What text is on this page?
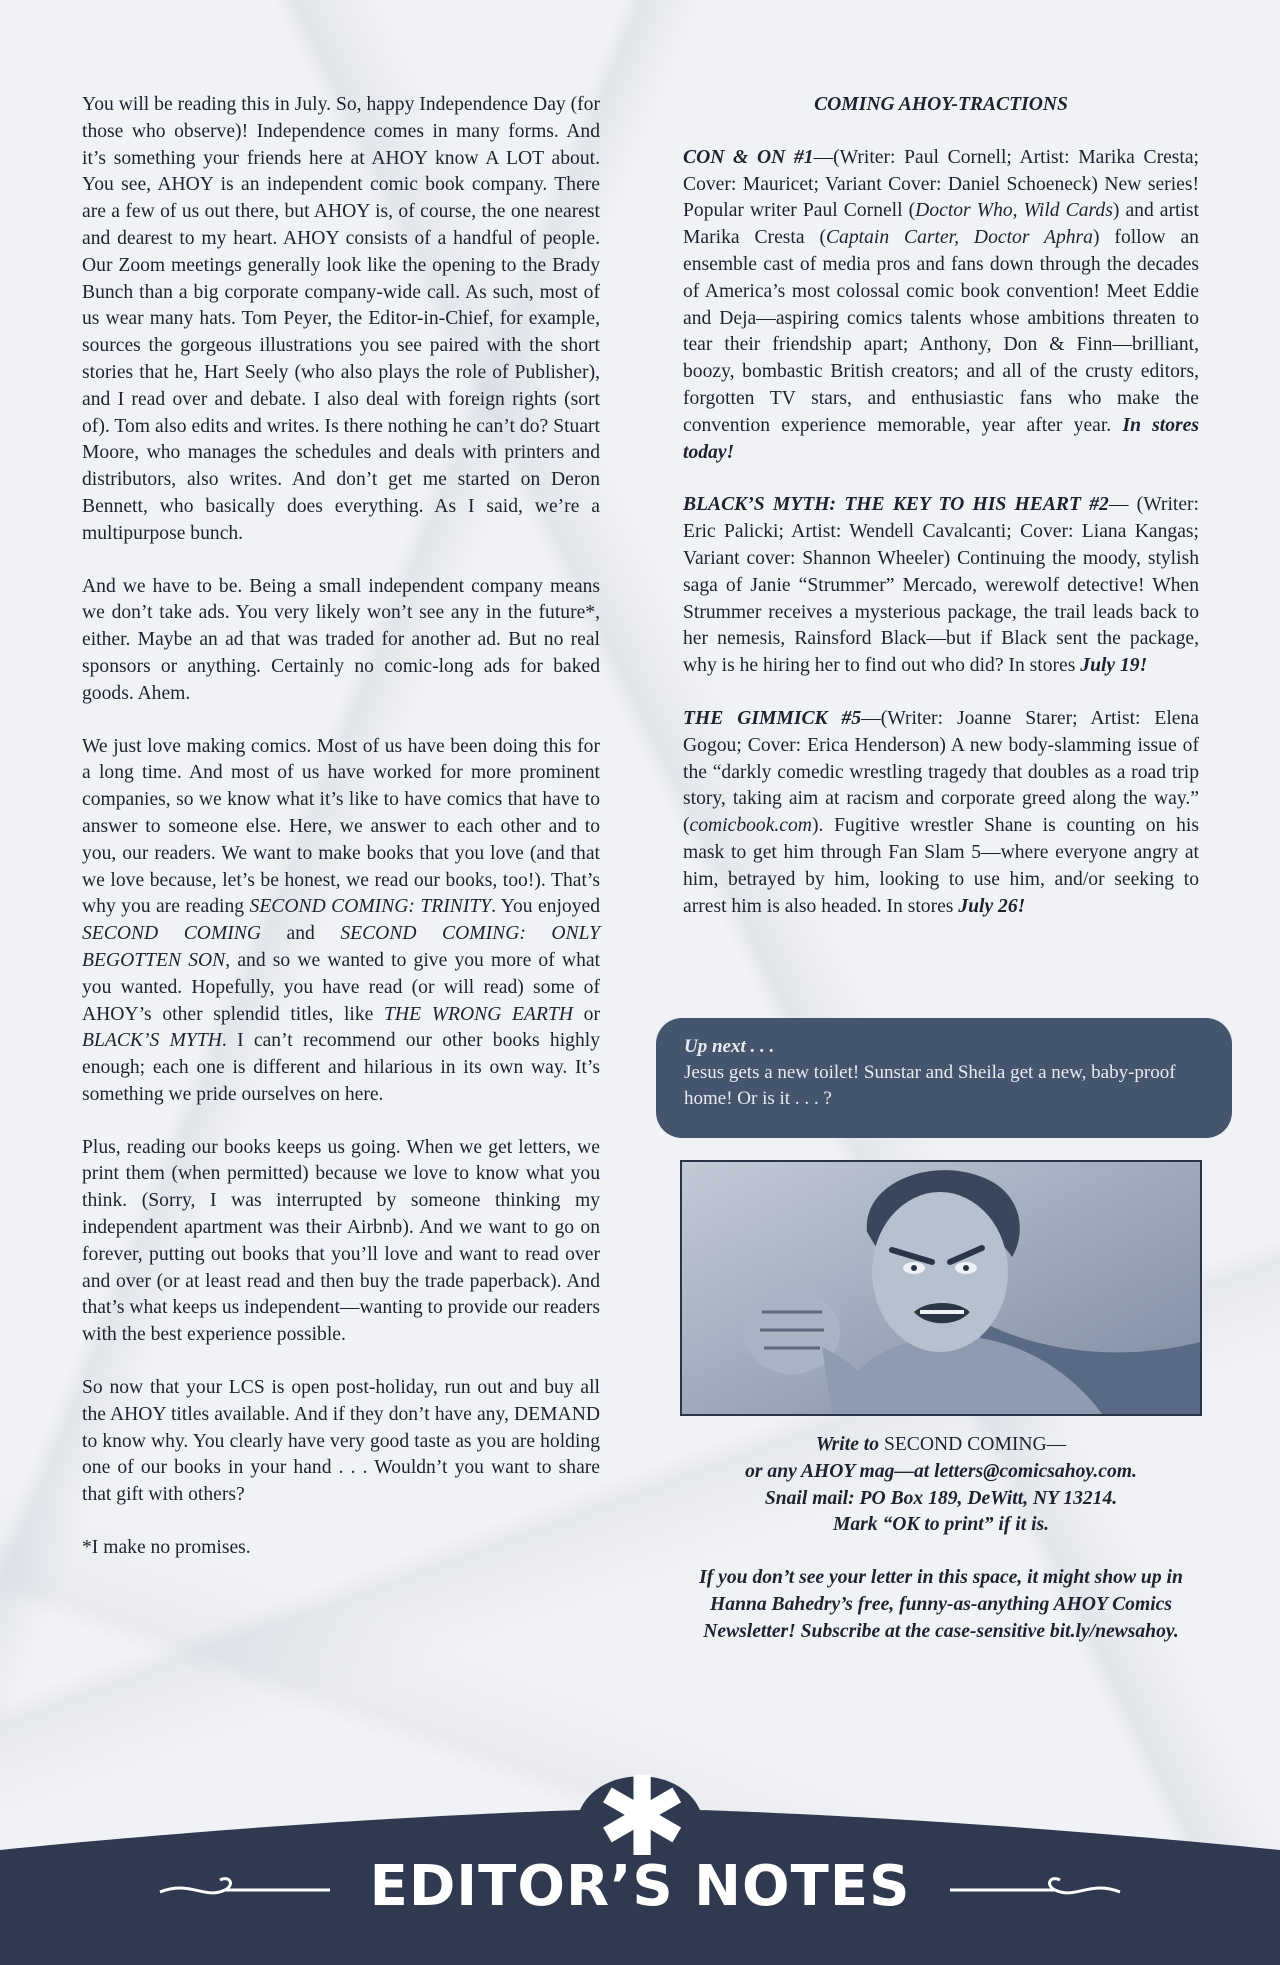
You will be reading this in July. So, happy Independence Day (for those who observe)! Independence comes in many forms. And it’s something your friends here at AHOY know A LOT about. You see, AHOY is an independent comic book company. There are a few of us out there, but AHOY is, of course, the one nearest and dearest to my heart. AHOY consists of a handful of people. Our Zoom meetings generally look like the opening to the Brady Bunch than a big corporate company-wide call. As such, most of us wear many hats. Tom Peyer, the Editor-in-Chief, for example, sources the gorgeous illustrations you see paired with the short stories that he, Hart Seely (who also plays the role of Publisher), and I read over and debate. I also deal with foreign rights (sort of). Tom also edits and writes. Is there nothing he can’t do? Stuart Moore, who manages the schedules and deals with printers and distributors, also writes. And don’t get me started on Deron Bennett, who basically does everything. As I said, we’re a multipurpose bunch.

And we have to be. Being a small independent company means we don’t take ads. You very likely won’t see any in the future*, either. Maybe an ad that was traded for another ad. But no real sponsors or anything. Certainly no comic-long ads for baked goods. Ahem.

We just love making comics. Most of us have been doing this for a long time. And most of us have worked for more prominent companies, so we know what it’s like to have comics that have to answer to someone else. Here, we answer to each other and to you, our readers. We want to make books that you love (and that we love because, let’s be honest, we read our books, too!). That’s why you are reading SECOND COMING: TRINITY. You enjoyed SECOND COMING and SECOND COMING: ONLY BEGOTTEN SON, and so we wanted to give you more of what you wanted. Hopefully, you have read (or will read) some of AHOY’s other splendid titles, like THE WRONG EARTH or BLACK’S MYTH. I can’t recommend our other books highly enough; each one is different and hilarious in its own way. It’s something we pride ourselves on here.

Plus, reading our books keeps us going. When we get letters, we print them (when permitted) because we love to know what you think. (Sorry, I was interrupted by someone thinking my independent apartment was their Airbnb). And we want to go on forever, putting out books that you’ll love and want to read over and over (or at least read and then buy the trade paperback). And that’s what keeps us independent—wanting to provide our readers with the best experience possible.

So now that your LCS is open post-holiday, run out and buy all the AHOY titles available. And if they don’t have any, DEMAND to know why. You clearly have very good taste as you are holding one of our books in your hand . . . Wouldn’t you want to share that gift with others?

*I make no promises.

COMING AHOY-TRACTIONS

CON & ON #1—(Writer: Paul Cornell; Artist: Marika Cresta; Cover: Mauricet; Variant Cover: Daniel Schoeneck) New series! Popular writer Paul Cornell (Doctor Who, Wild Cards) and artist Marika Cresta (Captain Carter, Doctor Aphra) follow an ensemble cast of media pros and fans down through the decades of America’s most colossal comic book convention! Meet Eddie and Deja—aspiring comics talents whose ambitions threaten to tear their friendship apart; Anthony, Don & Finn—brilliant, boozy, bombastic British creators; and all of the crusty editors, forgotten TV stars, and enthusiastic fans who make the convention experience memorable, year after year. In stores today!

BLACK’S MYTH: THE KEY TO HIS HEART #2— (Writer: Eric Palicki; Artist: Wendell Cavalcanti; Cover: Liana Kangas; Variant cover: Shannon Wheeler) Continuing the moody, stylish saga of Janie “Strummer” Mercado, werewolf detective! When Strummer receives a mysterious package, the trail leads back to her nemesis, Rainsford Black—but if Black sent the package, why is he hiring her to find out who did? In stores July 19!

THE GIMMICK #5—(Writer: Joanne Starer; Artist: Elena Gogou; Cover: Erica Henderson) A new body-slamming issue of the “darkly comedic wrestling tragedy that doubles as a road trip story, taking aim at racism and corporate greed along the way.” (comicbook.com). Fugitive wrestler Shane is counting on his mask to get him through Fan Slam 5—where everyone angry at him, betrayed by him, looking to use him, and/or seeking to arrest him is also headed. In stores July 26!

Up next . . .
Jesus gets a new toilet! Sunstar and Sheila get a new, baby-proof home! Or is it . . . ?

Write to SECOND COMING—
or any AHOY mag—at letters@comicsahoy.com.
Snail mail: PO Box 189, DeWitt, NY 13214.
Mark “OK to print” if it is.

If you don’t see your letter in this space, it might show up in Hanna Bahedry’s free, funny-as-anything AHOY Comics Newsletter! Subscribe at the case-sensitive bit.ly/newsahoy.

✱
EDITOR’S NOTES
